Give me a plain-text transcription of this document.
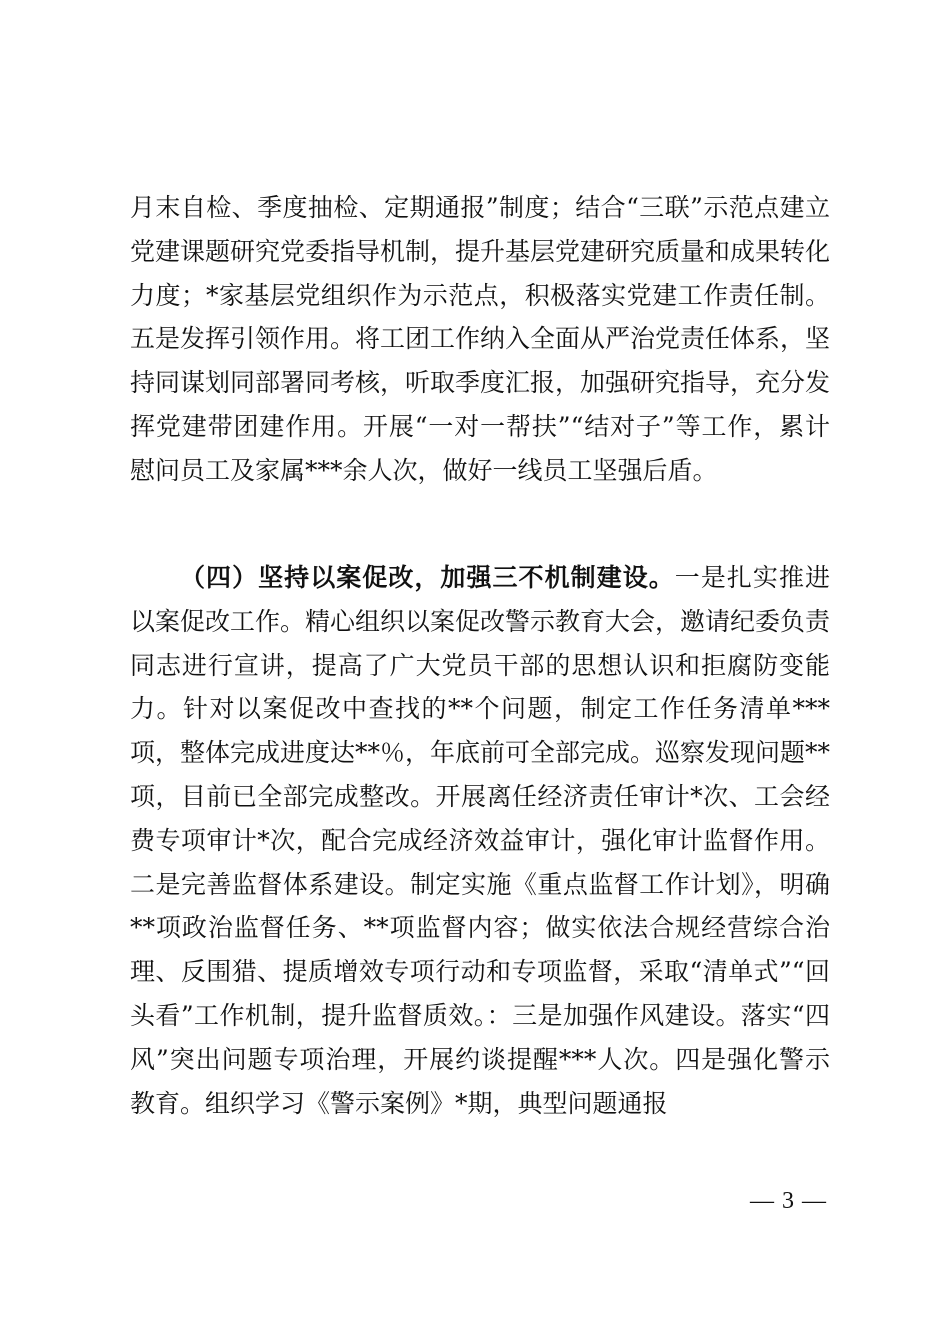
月末自检、季度抽检、定期通报”制度；结合“三联”示范点建立党建课题研究党委指导机制，提升基层党建研究质量和成果转化力度；*家基层党组织作为示范点，积极落实党建工作责任制。五是发挥引领作用。将工团工作纳入全面从严治党责任体系，坚持同谋划同部署同考核，听取季度汇报，加强研究指导，充分发挥党建带团建作用。开展“一对一帮扶”“结对子”等工作，累计慰问员工及家属***余人次，做好一线员工坚强后盾。

（四）坚持以案促改，加强三不机制建设。一是扎实推进以案促改工作。精心组织以案促改警示教育大会，邀请纪委负责同志进行宣讲，提高了广大党员干部的思想认识和拒腐防变能力。针对以案促改中查找的**个问题，制定工作任务清单***项，整体完成进度达**％，年底前可全部完成。巡察发现问题**项，目前已全部完成整改。开展离任经济责任审计*次、工会经费专项审计*次，配合完成经济效益审计，强化审计监督作用。二是完善监督体系建设。制定实施《重点监督工作计划》，明确**项政治监督任务、**项监督内容；做实依法合规经营综合治理、反围猎、提质增效专项行动和专项监督，采取“清单式”“回头看”工作机制，提升监督质效。：三是加强作风建设。落实“四风”突出问题专项治理，开展约谈提醒***人次。四是强化警示教育。组织学习《警示案例》*期，典型问题通报

— 3 —
